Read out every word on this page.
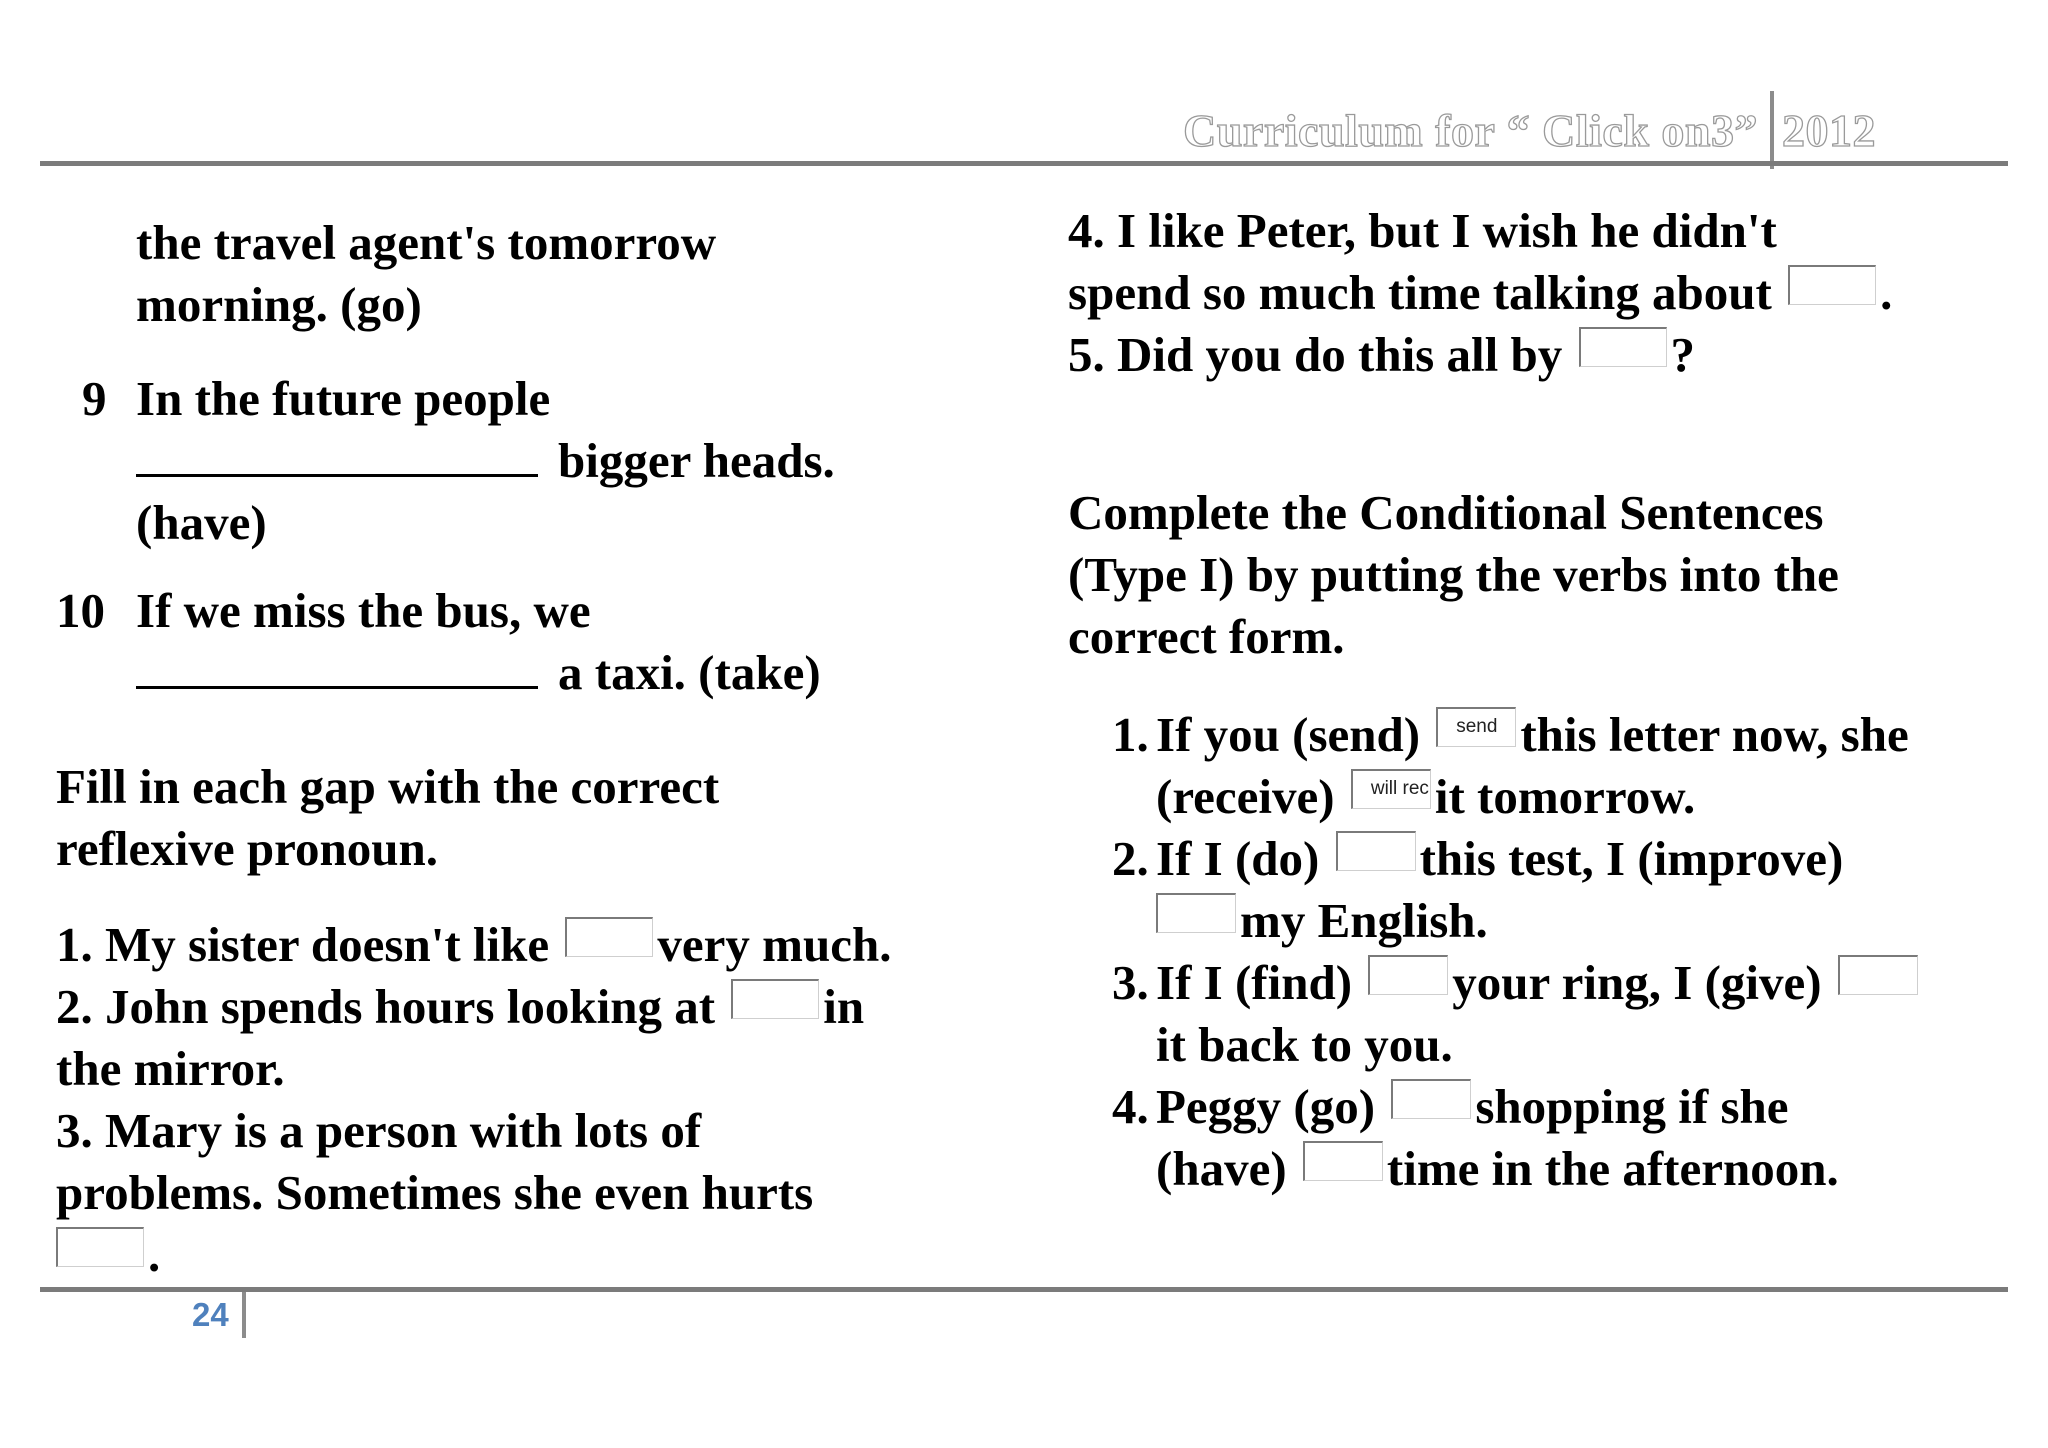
Curriculum for “ Click on3” 2012
the travel agent's tomorrow
morning. (go)
9 In the future people
bigger heads.
(have)
10 If we miss the bus, we
a taxi. (take)
Fill in each gap with the correct
reflexive pronoun.
1. My sister doesn't like very much.
2. John spends hours looking at in
the mirror.
3. Mary is a person with lots of
problems. Sometimes she even hurts
.
4. I like Peter, but I wish he didn't
spend so much time talking about .
5. Did you do this all by ?
Complete the Conditional Sentences
(Type I) by putting the verbs into the
correct form.
1. If you (send) send this letter now, she
(receive) will rec it tomorrow.
2. If I (do) this test, I (improve)
my English.
3. If I (find) your ring, I (give)
it back to you.
4. Peggy (go) shopping if she
(have) time in the afternoon.
24
